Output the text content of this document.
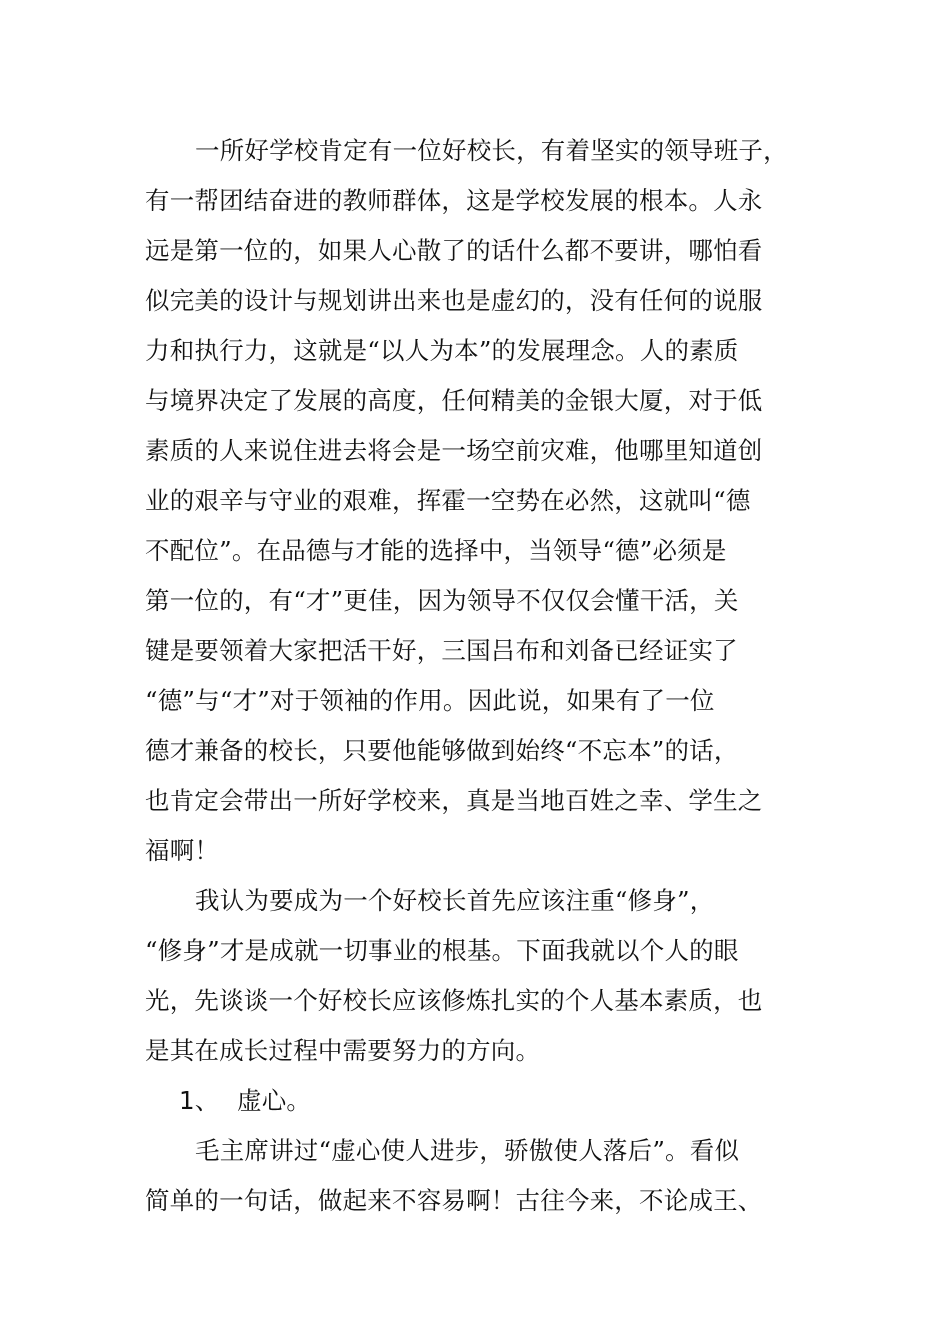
一所好学校肯定有一位好校长，有着坚实的领导班子，
有一帮团结奋进的教师群体，这是学校发展的根本。人永
远是第一位的，如果人心散了的话什么都不要讲，哪怕看
似完美的设计与规划讲出来也是虚幻的，没有任何的说服
力和执行力，这就是“以人为本”的发展理念。人的素质
与境界决定了发展的高度，任何精美的金银大厦，对于低
素质的人来说住进去将会是一场空前灾难，他哪里知道创
业的艰辛与守业的艰难，挥霍一空势在必然，这就叫“德
不配位”。在品德与才能的选择中，当领导“德”必须是
第一位的，有“才”更佳，因为领导不仅仅会懂干活，关
键是要领着大家把活干好，三国吕布和刘备已经证实了
“德”与“才”对于领袖的作用。因此说，如果有了一位
德才兼备的校长，只要他能够做到始终“不忘本”的话，
也肯定会带出一所好学校来，真是当地百姓之幸、学生之
福啊！

我认为要成为一个好校长首先应该注重“修身”，
“修身”才是成就一切事业的根基。下面我就以个人的眼
光，先谈谈一个好校长应该修炼扎实的个人基本素质，也
是其在成长过程中需要努力的方向。

1、 虚心。

毛主席讲过“虚心使人进步，骄傲使人落后”。看似
简单的一句话，做起来不容易啊！古往今来，不论成王、
